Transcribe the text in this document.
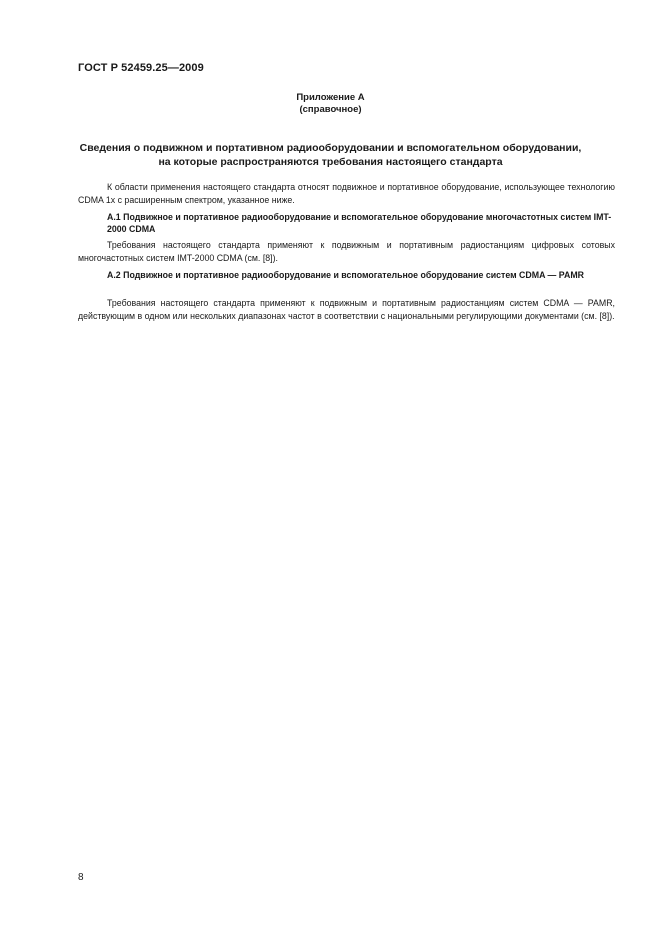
ГОСТ Р 52459.25—2009
Приложение А
(справочное)
Сведения о подвижном и портативном радиооборудовании и вспомогательном оборудовании,
на которые распространяются требования настоящего стандарта
К области применения настоящего стандарта относят подвижное и портативное оборудование, использующее технологию CDMA 1x с расширенным спектром, указанное ниже.
А.1 Подвижное и портативное радиооборудование и вспомогательное оборудование многочастотных систем IMT-2000 CDMA
Требования настоящего стандарта применяют к подвижным и портативным радиостанциям цифровых сотовых многочастотных систем IMT-2000 CDMA (см. [8]).
А.2 Подвижное и портативное радиооборудование и вспомогательное оборудование систем CDMA — PAMR
Требования настоящего стандарта применяют к подвижным и портативным радиостанциям систем CDMA — PAMR, действующим в одном или нескольких диапазонах частот в соответствии с национальными регулирующими документами (см. [8]).
8
